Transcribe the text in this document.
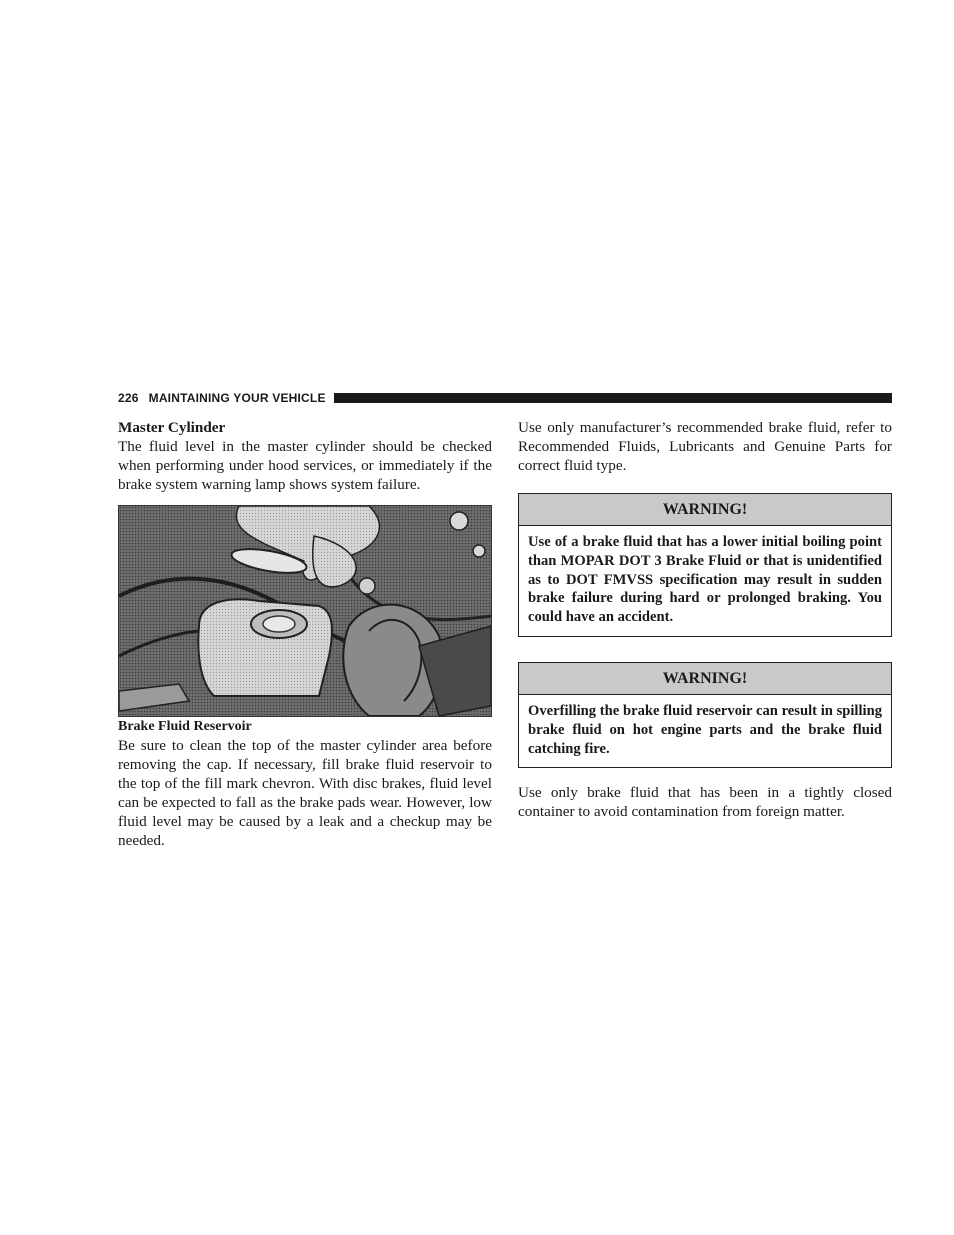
226 MAINTAINING YOUR VEHICLE

Master Cylinder

The fluid level in the master cylinder should be checked when performing under hood services, or immediately if the brake system warning lamp shows system failure.

Brake Fluid Reservoir

Be sure to clean the top of the master cylinder area before removing the cap. If necessary, fill brake fluid reservoir to the top of the fill mark chevron. With disc brakes, fluid level can be expected to fall as the brake pads wear. However, low fluid level may be caused by a leak and a checkup may be needed.

Use only manufacturer’s recommended brake fluid, refer to Recommended Fluids, Lubricants and Genuine Parts for correct fluid type.

WARNING!
Use of a brake fluid that has a lower initial boiling point than MOPAR DOT 3 Brake Fluid or that is unidentified as to DOT FMVSS specification may result in sudden brake failure during hard or prolonged braking. You could have an accident.
WARNING!
Overfilling the brake fluid reservoir can result in spilling brake fluid on hot engine parts and the brake fluid catching fire.

Use only brake fluid that has been in a tightly closed container to avoid contamination from foreign matter.
